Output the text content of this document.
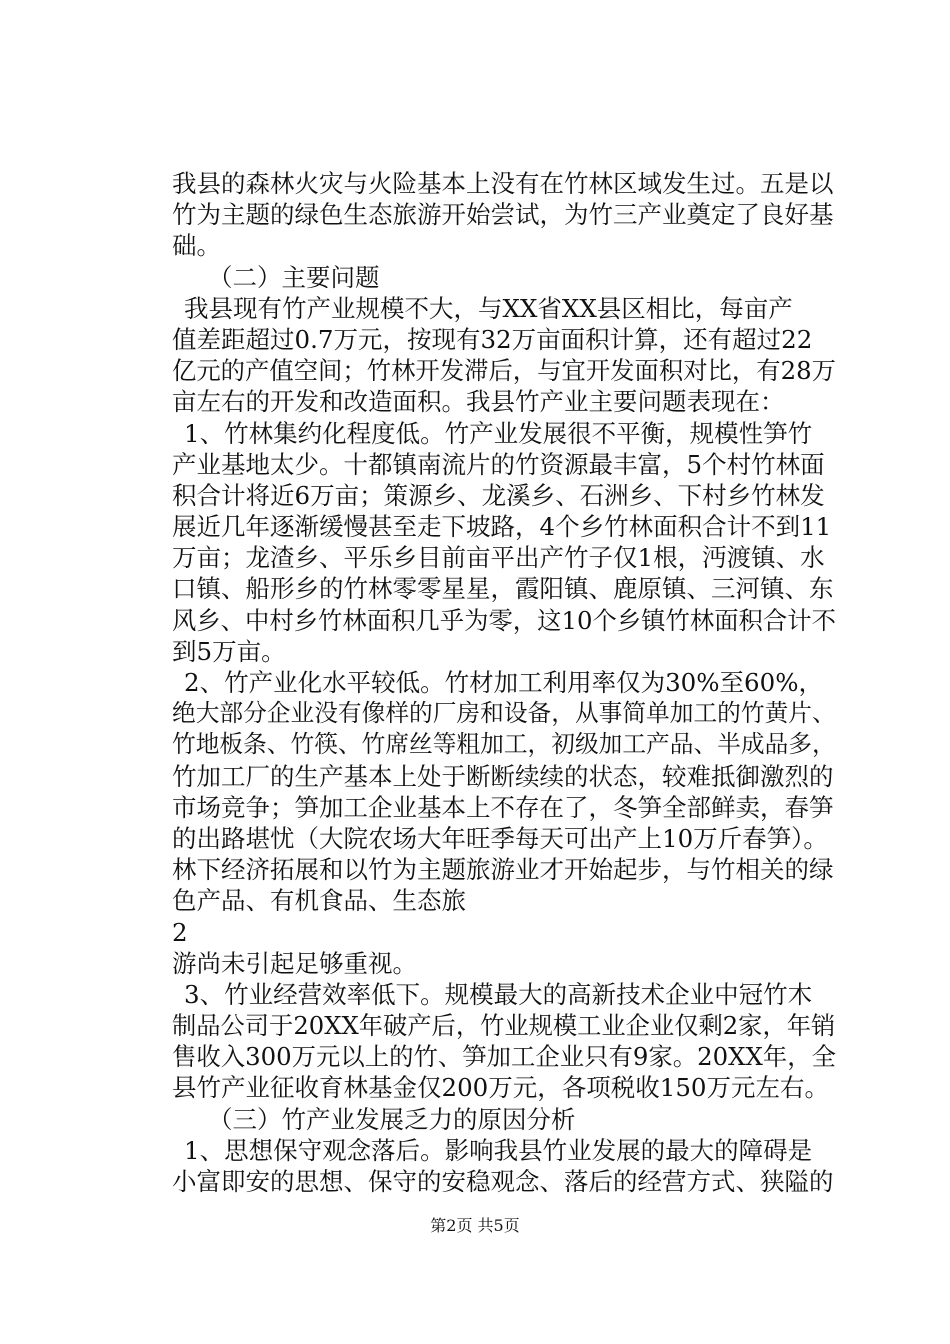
我县的森林火灾与火险基本上没有在竹林区域发生过。五是以
竹为主题的绿色生态旅游开始尝试，为竹三产业奠定了良好基
础。
（二）主要问题
我县现有竹产业规模不大，与XX省XX县区相比，每亩产
值差距超过0.7万元，按现有32万亩面积计算，还有超过22
亿元的产值空间；竹林开发滞后，与宜开发面积对比，有28万
亩左右的开发和改造面积。我县竹产业主要问题表现在：
1、竹林集约化程度低。竹产业发展很不平衡，规模性笋竹
产业基地太少。十都镇南流片的竹资源最丰富，5个村竹林面
积合计将近6万亩；策源乡、龙溪乡、石洲乡、下村乡竹林发
展近几年逐渐缓慢甚至走下坡路，4个乡竹林面积合计不到11
万亩；龙渣乡、平乐乡目前亩平出产竹子仅1根，沔渡镇、水
口镇、船形乡的竹林零零星星，霞阳镇、鹿原镇、三河镇、东
风乡、中村乡竹林面积几乎为零，这10个乡镇竹林面积合计不
到5万亩。
2、竹产业化水平较低。竹材加工利用率仅为30%至60%，
绝大部分企业没有像样的厂房和设备，从事简单加工的竹黄片、
竹地板条、竹筷、竹席丝等粗加工，初级加工产品、半成品多，
竹加工厂的生产基本上处于断断续续的状态，较难抵御激烈的
市场竞争；笋加工企业基本上不存在了，冬笋全部鲜卖，春笋
的出路堪忧（大院农场大年旺季每天可出产上10万斤春笋）。
林下经济拓展和以竹为主题旅游业才开始起步，与竹相关的绿
色产品、有机食品、生态旅
2
游尚未引起足够重视。
3、竹业经营效率低下。规模最大的高新技术企业中冠竹木
制品公司于20XX年破产后，竹业规模工业企业仅剩2家，年销
售收入300万元以上的竹、笋加工企业只有9家。20XX年，全
县竹产业征收育林基金仅200万元，各项税收150万元左右。
（三）竹产业发展乏力的原因分析
1、思想保守观念落后。影响我县竹业发展的最大的障碍是
小富即安的思想、保守的安稳观念、落后的经营方式、狭隘的
第2页 共5页
